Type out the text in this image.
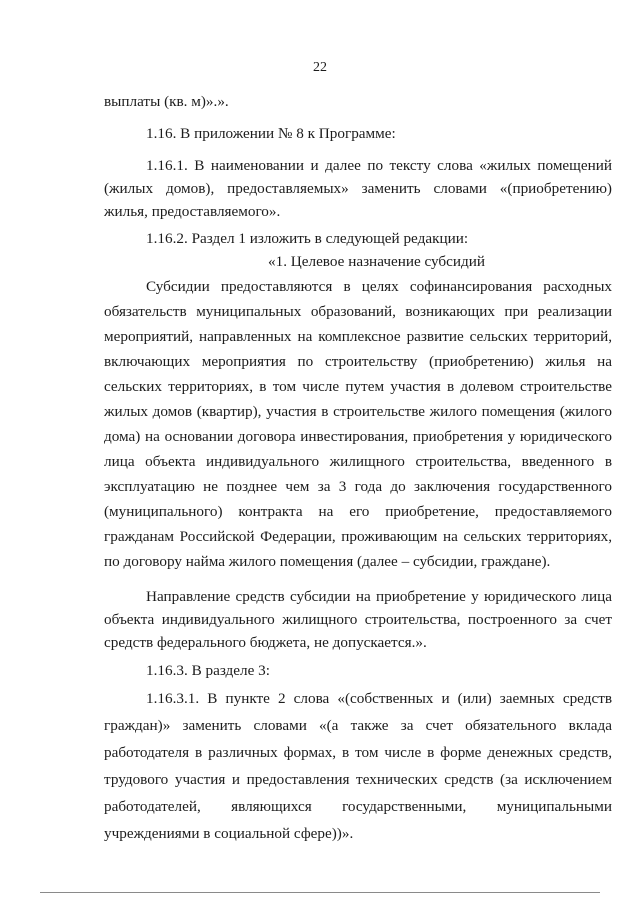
22
выплаты (кв. м)».».
1.16. В приложении № 8 к Программе:
1.16.1. В наименовании и далее по тексту слова «жилых помещений
(жилых домов), предоставляемых» заменить словами «(приобретению)
жилья, предоставляемого».
1.16.2. Раздел 1 изложить в следующей редакции:
«1. Целевое назначение субсидий
Субсидии предоставляются в целях софинансирования расходных
обязательств муниципальных образований, возникающих при реализации
мероприятий, направленных на комплексное развитие сельских территорий,
включающих мероприятия по строительству (приобретению) жилья на
сельских территориях, в том числе путем участия в долевом строительстве
жилых домов (квартир), участия в строительстве жилого помещения (жилого
дома) на основании договора инвестирования, приобретения у юридического
лица объекта индивидуального жилищного строительства, введенного в
эксплуатацию не позднее чем за 3 года до заключения государственного
(муниципального) контракта на его приобретение, предоставляемого
гражданам Российской Федерации, проживающим на сельских территориях,
по договору найма жилого помещения (далее – субсидии, граждане).
Направление средств субсидии на приобретение у юридического лица
объекта индивидуального жилищного строительства, построенного за счет
средств федерального бюджета, не допускается.».
1.16.3. В разделе 3:
1.16.3.1. В пункте 2 слова «(собственных и (или) заемных средств
граждан)» заменить словами «(а также за счет обязательного вклада
работодателя в различных формах, в том числе в форме денежных средств,
трудового участия и предоставления технических средств (за исключением
работодателей, являющихся государственными, муниципальными
учреждениями в социальной сфере))».
